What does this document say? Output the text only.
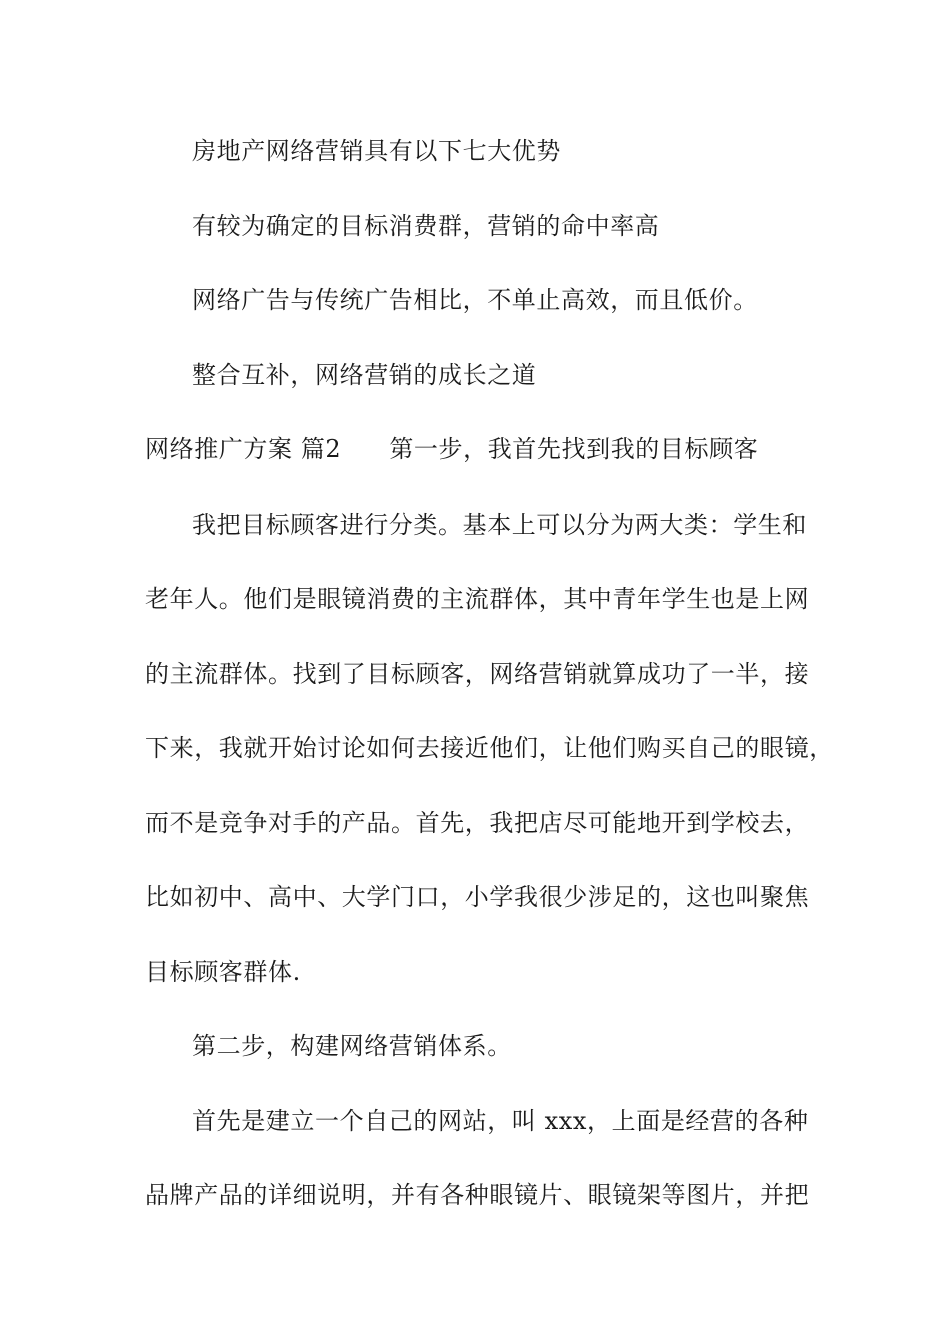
房地产网络营销具有以下七大优势
有较为确定的目标消费群，营销的命中率高
网络广告与传统广告相比，不单止高效，而且低价。
整合互补，网络营销的成长之道
网络推广方案 篇2 第一步，我首先找到我的目标顾客
我把目标顾客进行分类。基本上可以分为两大类：学生和
老年人。他们是眼镜消费的主流群体，其中青年学生也是上网
的主流群体。找到了目标顾客，网络营销就算成功了一半，接
下来，我就开始讨论如何去接近他们，让他们购买自己的眼镜，
而不是竞争对手的产品。首先，我把店尽可能地开到学校去，
比如初中、高中、大学门口，小学我很少涉足的，这也叫聚焦
目标顾客群体.
第二步，构建网络营销体系。
首先是建立一个自己的网站，叫 xxx，上面是经营的各种
品牌产品的详细说明，并有各种眼镜片、眼镜架等图片，并把
